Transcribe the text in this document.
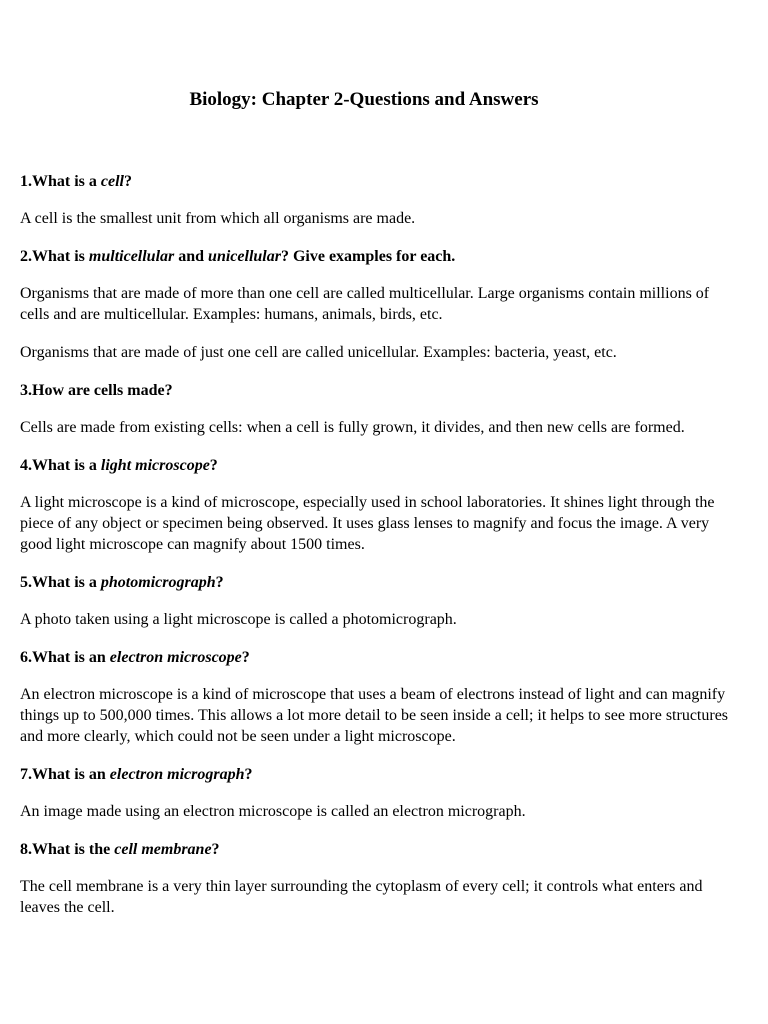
Biology: Chapter 2-Questions and Answers

1.What is a cell?

A cell is the smallest unit from which all organisms are made.

2.What is multicellular and unicellular? Give examples for each.

Organisms that are made of more than one cell are called multicellular. Large organisms contain millions of cells and are multicellular. Examples: humans, animals, birds, etc.

Organisms that are made of just one cell are called unicellular. Examples: bacteria, yeast, etc.

3.How are cells made?

Cells are made from existing cells: when a cell is fully grown, it divides, and then new cells are formed.

4.What is a light microscope?

A light microscope is a kind of microscope, especially used in school laboratories. It shines light through the piece of any object or specimen being observed. It uses glass lenses to magnify and focus the image. A very good light microscope can magnify about 1500 times.

5.What is a photomicrograph?

A photo taken using a light microscope is called a photomicrograph.

6.What is an electron microscope?

An electron microscope is a kind of microscope that uses a beam of electrons instead of light and can magnify things up to 500,000 times. This allows a lot more detail to be seen inside a cell; it helps to see more structures and more clearly, which could not be seen under a light microscope.

7.What is an electron micrograph?

An image made using an electron microscope is called an electron micrograph.

8.What is the cell membrane?

The cell membrane is a very thin layer surrounding the cytoplasm of every cell; it controls what enters and leaves the cell.
